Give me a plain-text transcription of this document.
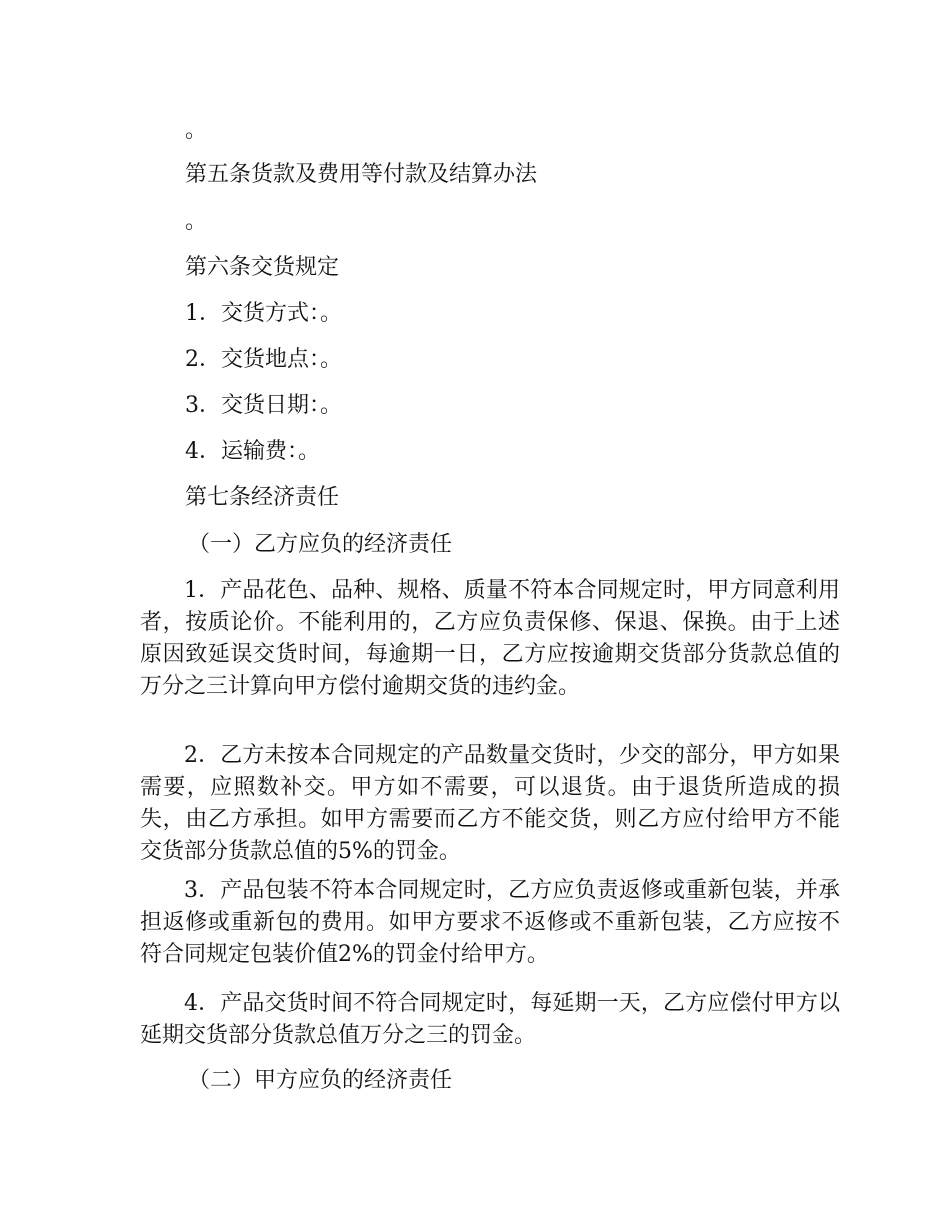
。

第五条货款及费用等付款及结算办法

。

第六条交货规定

1．交货方式：。

2．交货地点：。

3．交货日期：。

4．运输费：。

第七条经济责任

（一）乙方应负的经济责任

1．产品花色、品种、规格、质量不符本合同规定时，甲方同意利用者，按质论价。不能利用的，乙方应负责保修、保退、保换。由于上述原因致延误交货时间，每逾期一日，乙方应按逾期交货部分货款总值的万分之三计算向甲方偿付逾期交货的违约金。

2．乙方未按本合同规定的产品数量交货时，少交的部分，甲方如果需要，应照数补交。甲方如不需要，可以退货。由于退货所造成的损失，由乙方承担。如甲方需要而乙方不能交货，则乙方应付给甲方不能交货部分货款总值的5%的罚金。

3．产品包装不符本合同规定时，乙方应负责返修或重新包装，并承担返修或重新包的费用。如甲方要求不返修或不重新包装，乙方应按不符合同规定包装价值2%的罚金付给甲方。

4．产品交货时间不符合同规定时，每延期一天，乙方应偿付甲方以延期交货部分货款总值万分之三的罚金。

（二）甲方应负的经济责任
